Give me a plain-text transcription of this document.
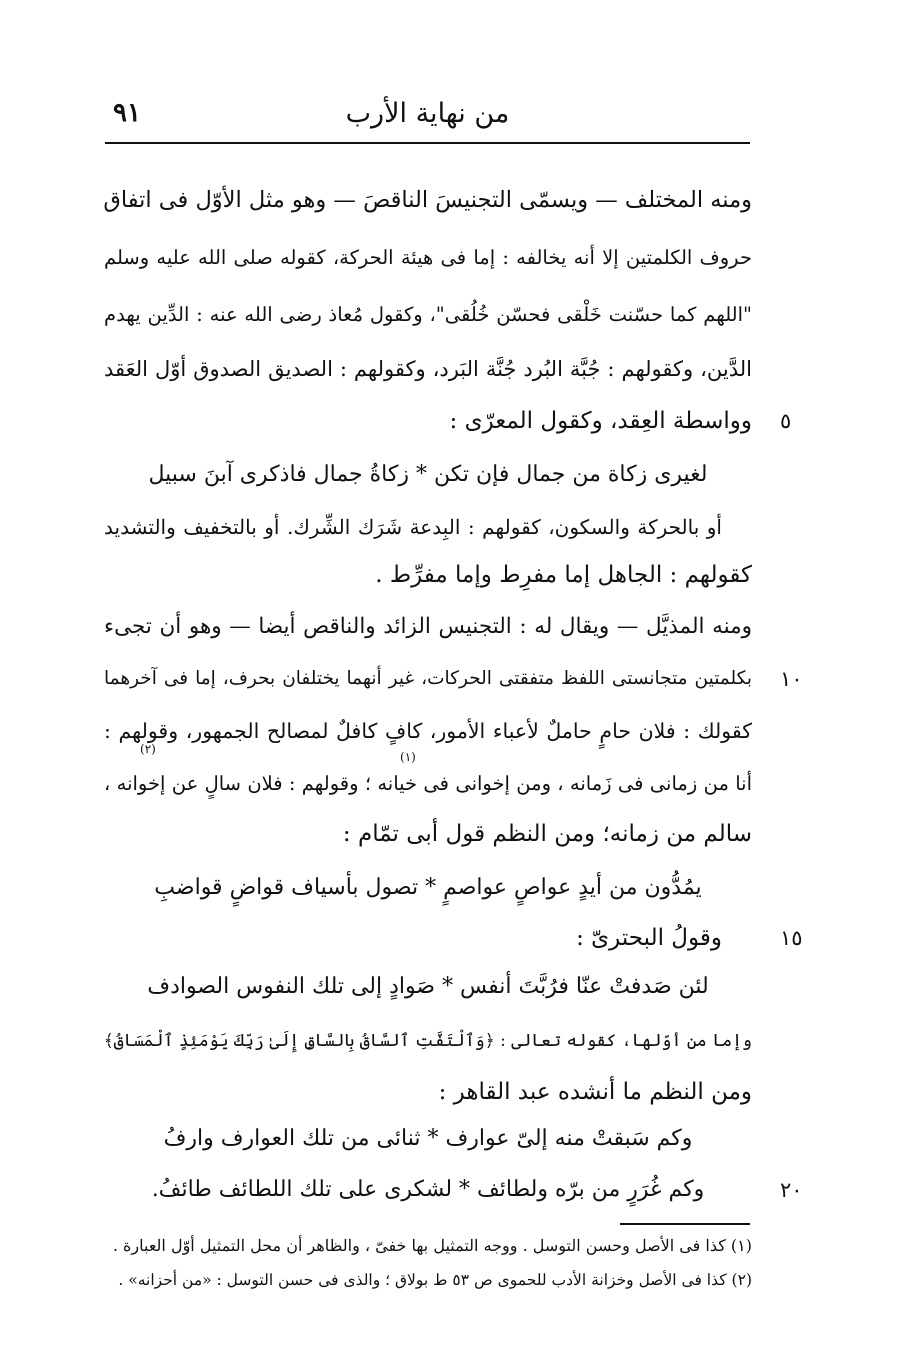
٩١	من نهاية الأرب
ومنه المختلف — ويسمّى التجنيسَ الناقصَ — وهو مثل الأوّل فى اتفاق
حروف الكلمتين إلا أنه يخالفه : إما فى هيئة الحركة، كقوله صلى الله عليه وسلم
"اللهم كما حسّنت خَلْقى فحسّن خُلُقى"، وكقول مُعاذ رضى الله عنه : الدِّين يهدم
الدَّين، وكقولهم : جُبَّة البُرد جُنَّة البَرد، وكقولهم : الصديق الصدوق أوّل العَقد
وواسطة العِقد، وكقول المعرّى :
لغيرى زكاة من جمال فإن تكن * زكاةُ جمال فاذكرى آبنَ سبيل
أو بالحركة والسكون، كقولهم : البِدعة شَرَك الشِّرك. أو بالتخفيف والتشديد
كقولهم : الجاهل إما مفرِط وإما مفرِّط .
ومنه المذيَّل — ويقال له : التجنيس الزائد والناقص أيضا — وهو أن تجىء
بكلمتين متجانستى اللفظ متفقتى الحركات، غير أنهما يختلفان بحرف، إما فى آخرهما
كقولك : فلان حامٍ حاملٌ لأعباء الأمور، كافٍ كافلٌ لمصالح الجمهور، وقولهم :
أنا من زمانى فى زَمانه ، ومن إخوانى فى خيانه ؛ وقولهم : فلان سالٍ عن إخوانه ،
سالم من زمانه؛ ومن النظم قول أبى تمّام :
يمُدُّون من أيدٍ عواصٍ عواصمٍ * تصول بأسياف قواضٍ قواضبِ
وقولُ البحترىّ :
لئن صَدفتْ عنّا فرُبَّتَ أنفس * صَوادٍ إلى تلك النفوس الصوادف
وإما من أوّلها، كقوله تعالى : ﴿وَٱلْتَفَّتِ ٱلسَّاقُ بِالسَّاقِ إِلَىٰ رَبِّكَ يَوْمَئِذٍ ٱلْمَسَاقُ﴾
ومن النظم ما أنشده عبد القاهر :
وكم سَبقتْ منه إلىّ عوارف * ثنائى من تلك العوارف وارفُ
وكم غُرَرٍ من برّه ولطائف * لشكرى على تلك اللطائف طائفُ.
٥
١٠
١٥
٢٠
(١)
(٢)
(١) كذا فى الأصل وحسن التوسل . ووجه التمثيل بها خفىّ ، والظاهر أن محل التمثيل أوّل العبارة .
(٢) كذا فى الأصل وخزانة الأدب للحموى ص ٥٣ ط بولاق ؛ والذى فى حسن التوسل : «من أحزانه» .
